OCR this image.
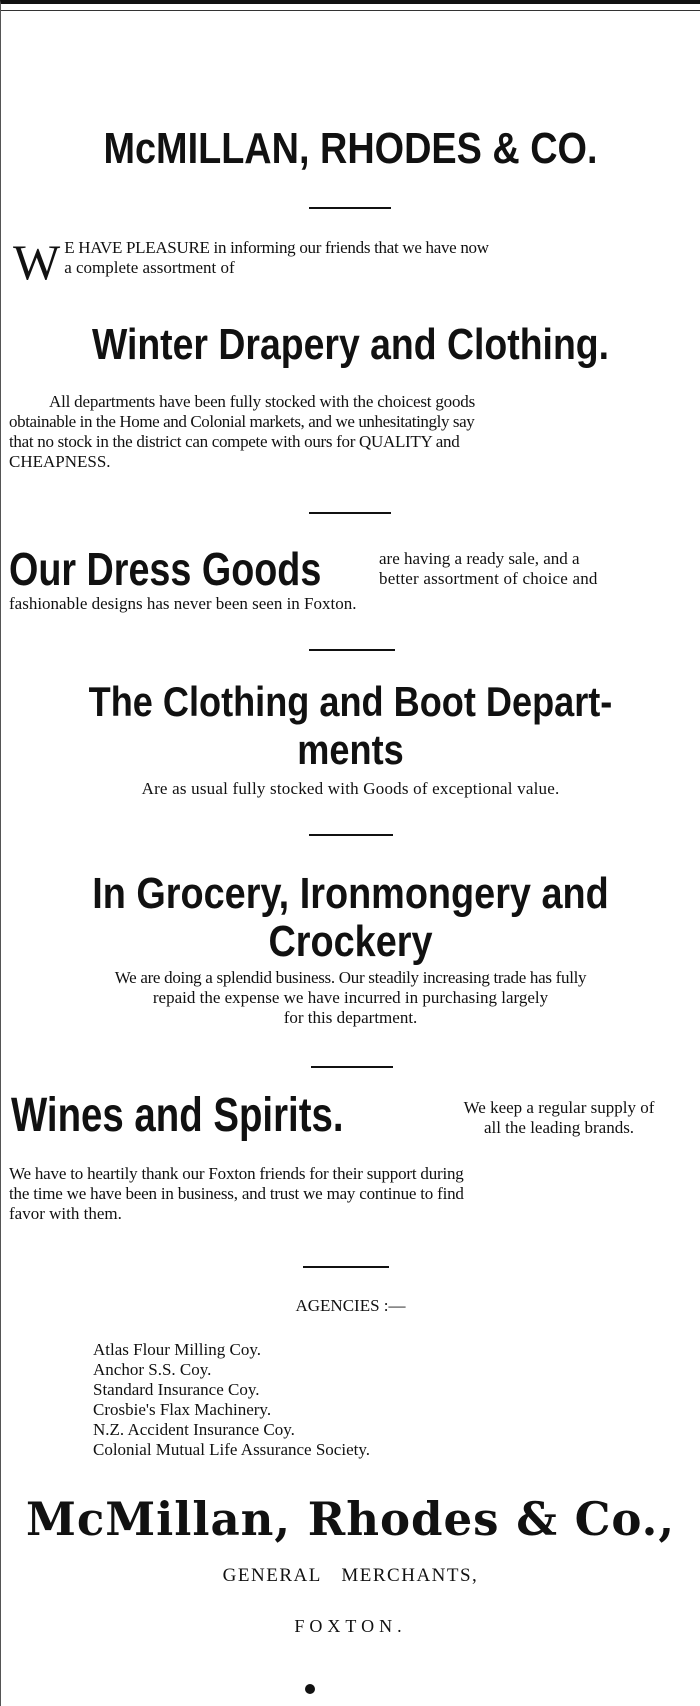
McMILLAN, RHODES & CO.
W E HAVE PLEASURE in informing our friends that we have now
a complete assortment of
Winter Drapery and Clothing.
All departments have been fully stocked with the choicest goods
obtainable in the Home and Colonial markets, and we unhesitatingly say
that no stock in the district can compete with ours for QUALITY and
CHEAPNESS.
Our Dress Goods	are having a ready sale, and a
better assortment of choice and
fashionable designs has never been seen in Foxton.
The Clothing and Boot Depart-
ments
Are as usual fully stocked with Goods of exceptional value.
In Grocery, Ironmongery and
Crockery
We are doing a splendid business. Our steadily increasing trade has fully
repaid the expense we have incurred in purchasing largely
for this department.
Wines and Spirits.	We keep a regular supply of
all the leading brands.
We have to heartily thank our Foxton friends for their support during
the time we have been in business, and trust we may continue to find
favor with them.
AGENCIES :—
Atlas Flour Milling Coy.
Anchor S.S. Coy.
Standard Insurance Coy.
Crosbie's Flax Machinery.
N.Z. Accident Insurance Coy.
Colonial Mutual Life Assurance Society.
McMillan, Rhodes & Co.,
GENERAL MERCHANTS,
FOXTON.
